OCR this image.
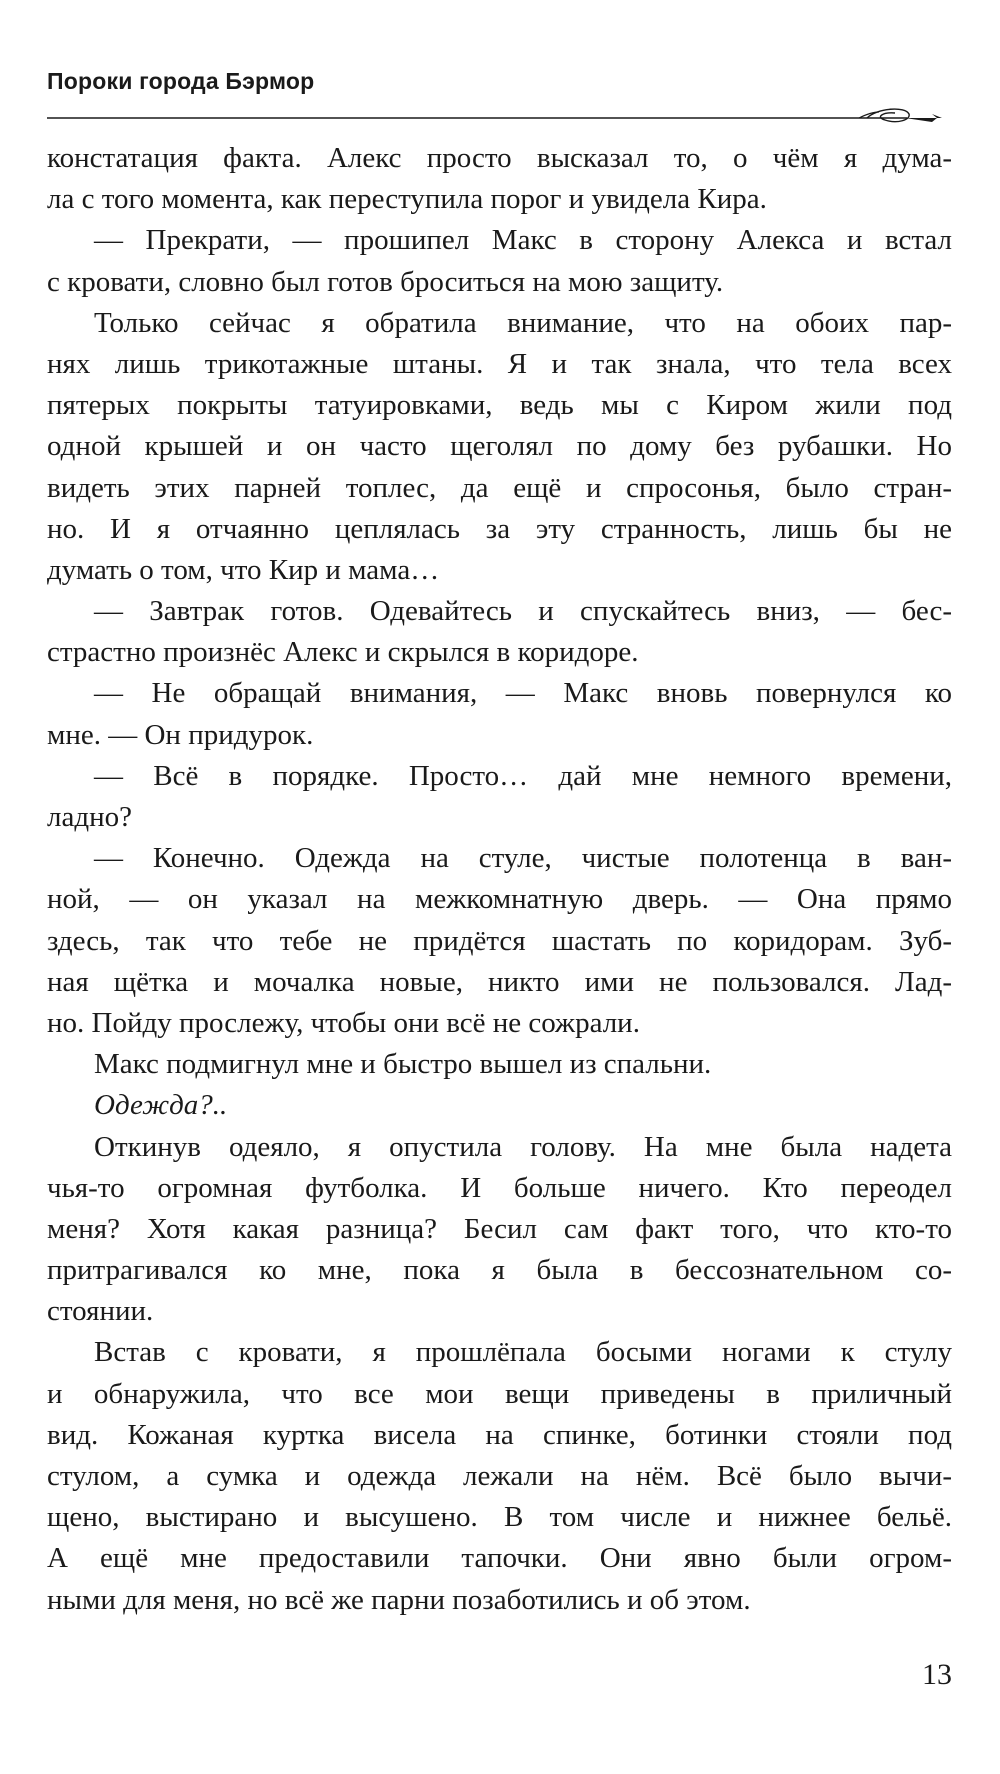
Пороки города Бэрмор
констатация факта. Алекс просто высказал то, о чём я дума-
ла с того момента, как переступила порог и увидела Кира.
— Прекрати, — прошипел Макс в сторону Алекса и встал
с кровати, словно был готов броситься на мою защиту.
Только сейчас я обратила внимание, что на обоих пар-
нях лишь трикотажные штаны. Я и так знала, что тела всех
пятерых покрыты татуировками, ведь мы с Киром жили под
одной крышей и он часто щеголял по дому без рубашки. Но
видеть этих парней топлес, да ещё и спросонья, было стран-
но. И я отчаянно цеплялась за эту странность, лишь бы не
думать о том, что Кир и мама…
— Завтрак готов. Одевайтесь и спускайтесь вниз, — бес-
страстно произнёс Алекс и скрылся в коридоре.
— Не обращай внимания, — Макс вновь повернулся ко
мне. — Он придурок.
— Всё в порядке. Просто… дай мне немного времени,
ладно?
— Конечно. Одежда на стуле, чистые полотенца в ван-
ной, — он указал на межкомнатную дверь. — Она прямо
здесь, так что тебе не придётся шастать по коридорам. Зуб-
ная щётка и мочалка новые, никто ими не пользовался. Лад-
но. Пойду прослежу, чтобы они всё не сожрали.
Макс подмигнул мне и быстро вышел из спальни.
Одежда?..
Откинув одеяло, я опустила голову. На мне была надета
чья-то огромная футболка. И больше ничего. Кто переодел
меня? Хотя какая разница? Бесил сам факт того, что кто-то
притрагивался ко мне, пока я была в бессознательном со-
стоянии.
Встав с кровати, я прошлёпала босыми ногами к стулу
и обнаружила, что все мои вещи приведены в приличный
вид. Кожаная куртка висела на спинке, ботинки стояли под
стулом, а сумка и одежда лежали на нём. Всё было вычи-
щено, выстирано и высушено. В том числе и нижнее бельё.
А ещё мне предоставили тапочки. Они явно были огром-
ными для меня, но всё же парни позаботились и об этом.
13
